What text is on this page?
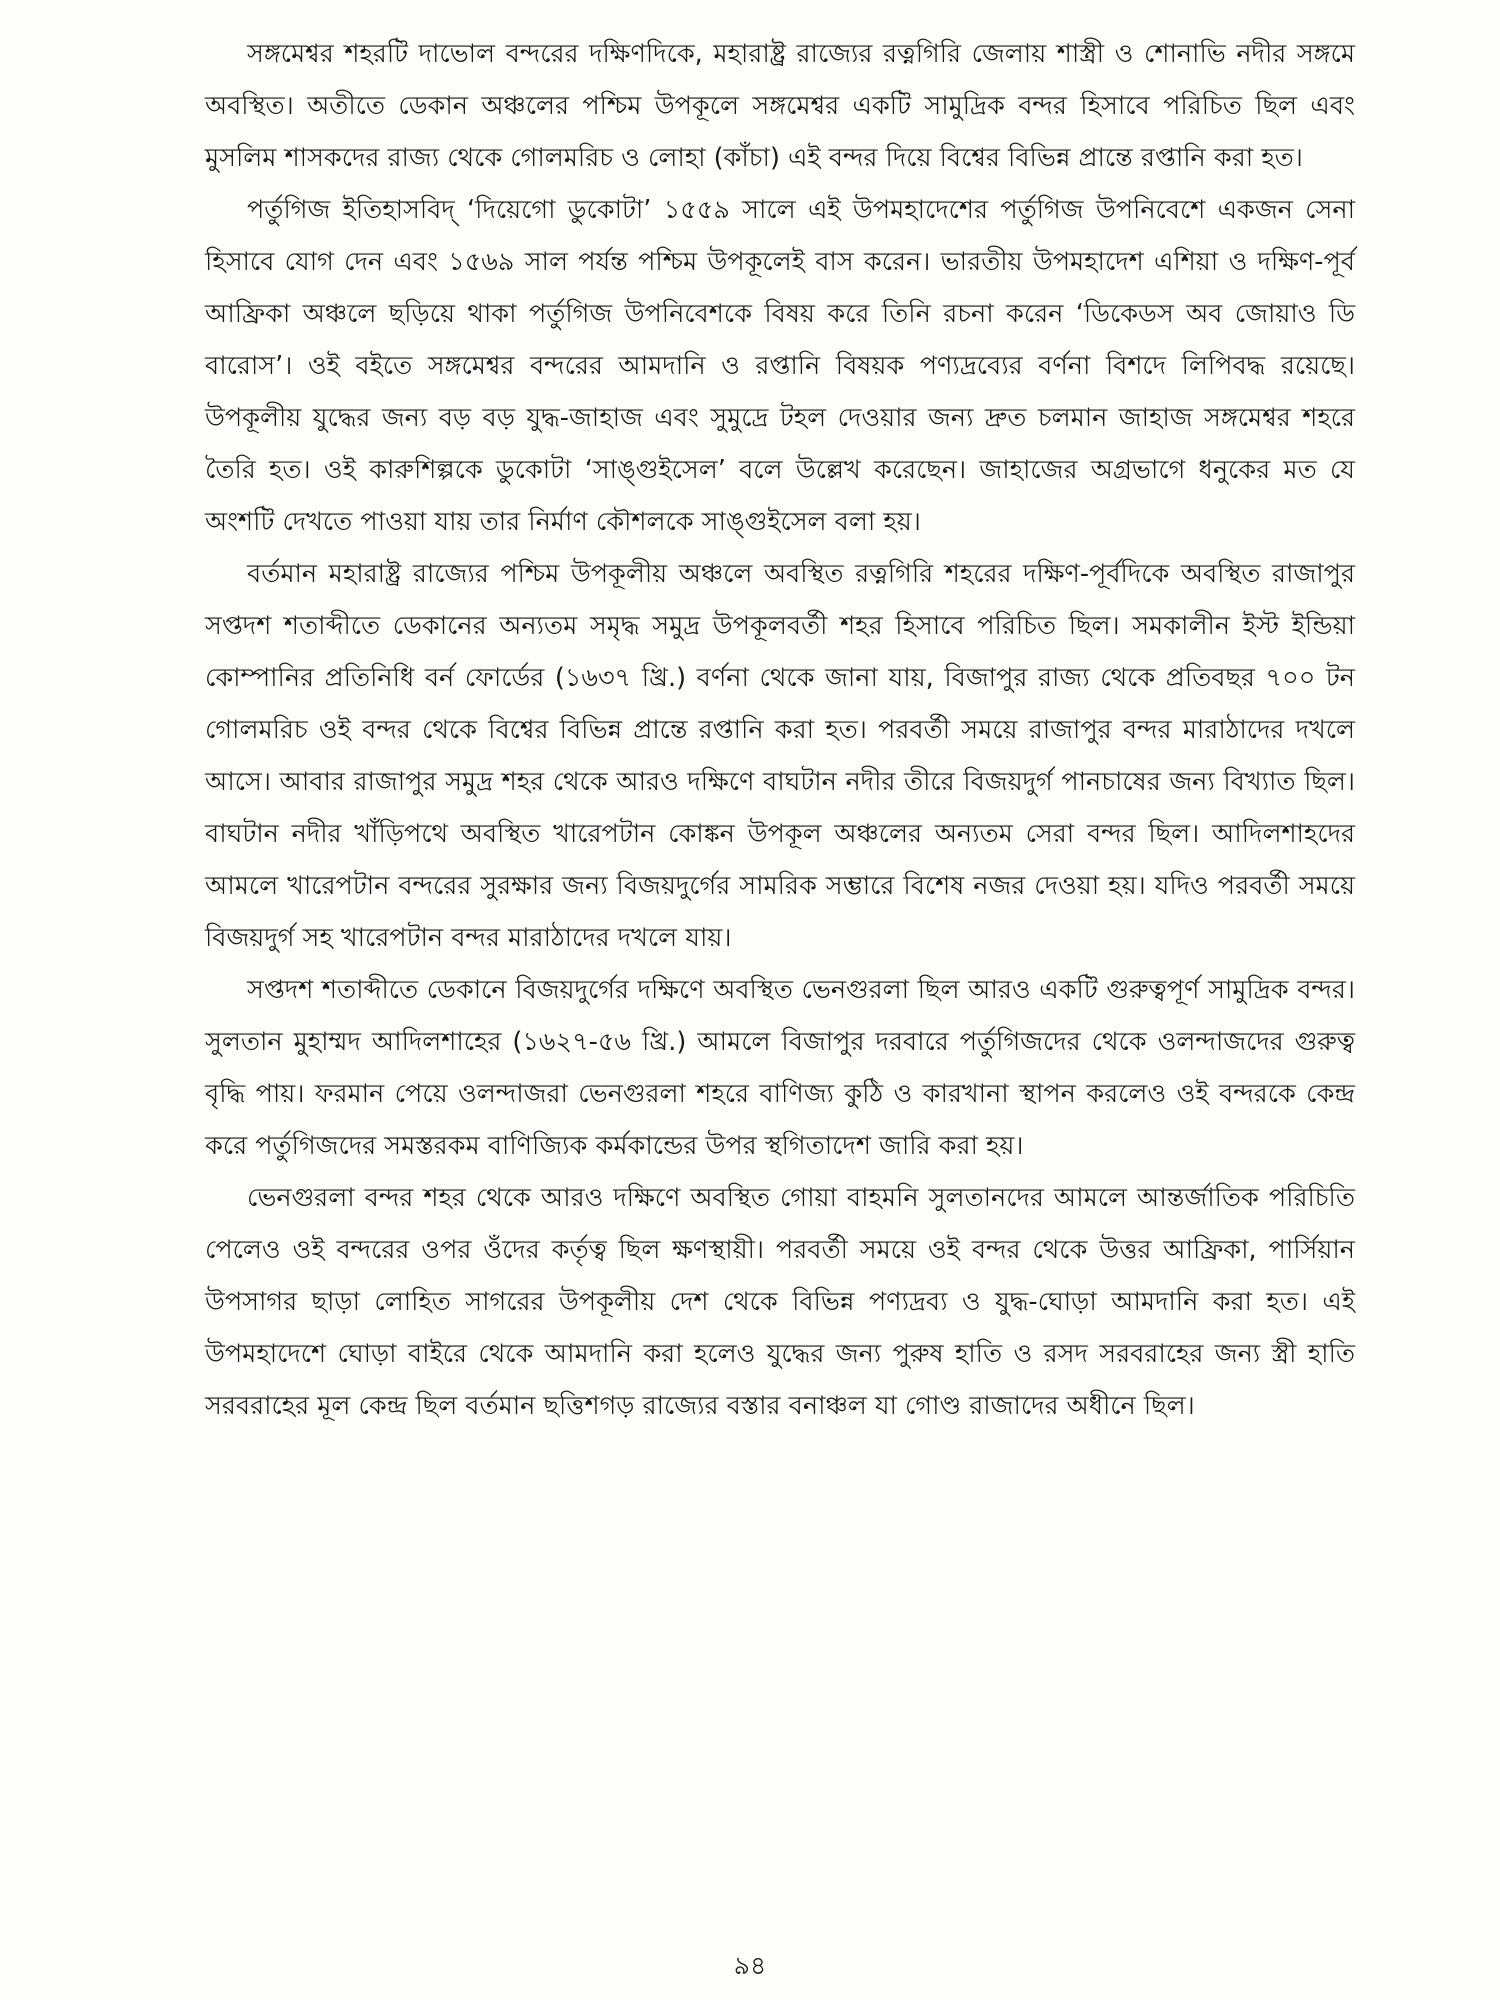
সঙ্গমেশ্বর শহরটি দাভোল বন্দরের দক্ষিণদিকে, মহারাষ্ট্র রাজ্যের রত্নগিরি জেলায় শাস্ত্রী ও শোনাভি নদীর সঙ্গমে অবস্থিত। অতীতে ডেকান অঞ্চলের পশ্চিম উপকূলে সঙ্গমেশ্বর একটি সামুদ্রিক বন্দর হিসাবে পরিচিত ছিল এবং মুসলিম শাসকদের রাজ্য থেকে গোলমরিচ ও লোহা (কাঁচা) এই বন্দর দিয়ে বিশ্বের বিভিন্ন প্রান্তে রপ্তানি করা হত।

পর্তুগিজ ইতিহাসবিদ্ ‘দিয়েগো ডুকোটা’ ১৫৫৯ সালে এই উপমহাদেশের পর্তুগিজ উপনিবেশে একজন সেনা হিসাবে যোগ দেন এবং ১৫৬৯ সাল পর্যন্ত পশ্চিম উপকূলেই বাস করেন। ভারতীয় উপমহাদেশ এশিয়া ও দক্ষিণ-পূর্ব আফ্রিকা অঞ্চলে ছড়িয়ে থাকা পর্তুগিজ উপনিবেশকে বিষয় করে তিনি রচনা করেন ‘ডিকেডস অব জোয়াও ডি বারোস’। ওই বইতে সঙ্গমেশ্বর বন্দরের আমদানি ও রপ্তানি বিষয়ক পণ্যদ্রব্যের বর্ণনা বিশদে লিপিবদ্ধ রয়েছে। উপকূলীয় যুদ্ধের জন্য বড় বড় যুদ্ধ-জাহাজ এবং সুমুদ্রে টহল দেওয়ার জন্য দ্রুত চলমান জাহাজ সঙ্গমেশ্বর শহরে তৈরি হত। ওই কারুশিল্পকে ডুকোটা ‘সাঙ্গুইসেল’ বলে উল্লেখ করেছেন। জাহাজের অগ্রভাগে ধনুকের মত যে অংশটি দেখতে পাওয়া যায় তার নির্মাণ কৌশলকে সাঙ্গুইসেল বলা হয়।

বর্তমান মহারাষ্ট্র রাজ্যের পশ্চিম উপকূলীয় অঞ্চলে অবস্থিত রত্নগিরি শহরের দক্ষিণ-পূর্বদিকে অবস্থিত রাজাপুর সপ্তদশ শতাব্দীতে ডেকানের অন্যতম সমৃদ্ধ সমুদ্র উপকূলবর্তী শহর হিসাবে পরিচিত ছিল। সমকালীন ইস্ট ইন্ডিয়া কোম্পানির প্রতিনিধি বর্ন ফোর্ডের (১৬৩৭ খ্রি.) বর্ণনা থেকে জানা যায়, বিজাপুর রাজ্য থেকে প্রতিবছর ৭০০ টন গোলমরিচ ওই বন্দর থেকে বিশ্বের বিভিন্ন প্রান্তে রপ্তানি করা হত। পরবর্তী সময়ে রাজাপুর বন্দর মারাঠাদের দখলে আসে। আবার রাজাপুর সমুদ্র শহর থেকে আরও দক্ষিণে বাঘটান নদীর তীরে বিজয়দুর্গ পানচাষের জন্য বিখ্যাত ছিল। বাঘটান নদীর খাঁড়িপথে অবস্থিত খারেপটান কোঙ্কন উপকূল অঞ্চলের অন্যতম সেরা বন্দর ছিল। আদিলশাহদের আমলে খারেপটান বন্দরের সুরক্ষার জন্য বিজয়দুর্গের সামরিক সম্ভারে বিশেষ নজর দেওয়া হয়। যদিও পরবর্তী সময়ে বিজয়দুর্গ সহ খারেপটান বন্দর মারাঠাদের দখলে যায়।

সপ্তদশ শতাব্দীতে ডেকানে বিজয়দুর্গের দক্ষিণে অবস্থিত ভেনগুরলা ছিল আরও একটি গুরুত্বপূর্ণ সামুদ্রিক বন্দর। সুলতান মুহাম্মদ আদিলশাহের (১৬২৭-৫৬ খ্রি.) আমলে বিজাপুর দরবারে পর্তুগিজদের থেকে ওলন্দাজদের গুরুত্ব বৃদ্ধি পায়। ফরমান পেয়ে ওলন্দাজরা ভেনগুরলা শহরে বাণিজ্য কুঠি ও কারখানা স্থাপন করলেও ওই বন্দরকে কেন্দ্র করে পর্তুগিজদের সমস্তরকম বাণিজ্যিক কর্মকান্ডের উপর স্থগিতাদেশ জারি করা হয়।

ভেনগুরলা বন্দর শহর থেকে আরও দক্ষিণে অবস্থিত গোয়া বাহমনি সুলতানদের আমলে আন্তর্জাতিক পরিচিতি পেলেও ওই বন্দরের ওপর ওঁদের কর্তৃত্ব ছিল ক্ষণস্থায়ী। পরবর্তী সময়ে ওই বন্দর থেকে উত্তর আফ্রিকা, পার্সিয়ান উপসাগর ছাড়া লোহিত সাগরের উপকূলীয় দেশ থেকে বিভিন্ন পণ্যদ্রব্য ও যুদ্ধ-ঘোড়া আমদানি করা হত। এই উপমহাদেশে ঘোড়া বাইরে থেকে আমদানি করা হলেও যুদ্ধের জন্য পুরুষ হাতি ও রসদ সরবরাহের জন্য স্ত্রী হাতি সরবরাহের মূল কেন্দ্র ছিল বর্তমান ছত্তিশগড় রাজ্যের বস্তার বনাঞ্চল যা গোণ্ড রাজাদের অধীনে ছিল।

৯৪
